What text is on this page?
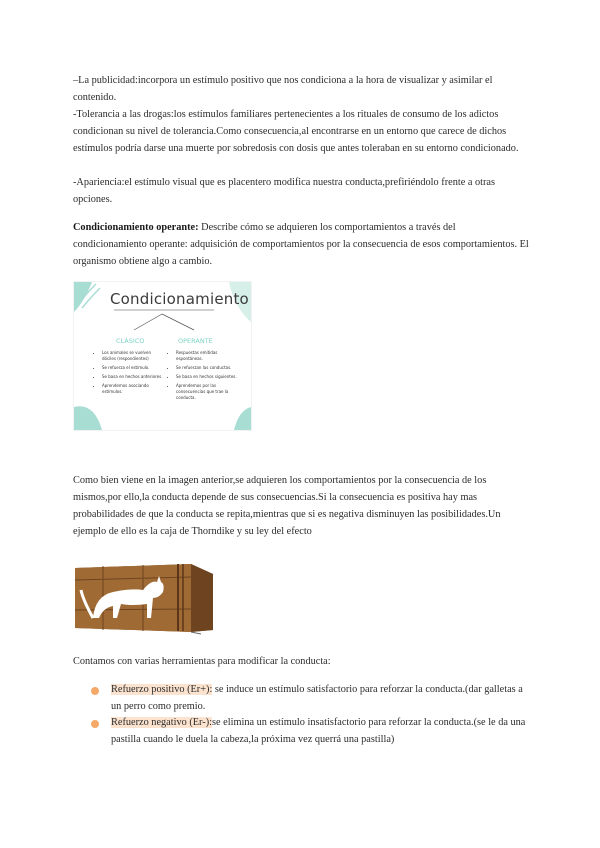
–La publicidad:incorpora un estímulo positivo que nos condiciona a la hora de visualizar y asimilar el contenido.

-Tolerancia a las drogas:los estímulos familiares pertenecientes a los rituales de consumo de los adictos condicionan su nivel de tolerancia.Como consecuencia,al encontrarse en un entorno que carece de dichos estímulos podría darse una muerte por sobredosis con dosis que antes toleraban en su entorno condicionado.

-Apariencia:el estímulo visual que es placentero modifica nuestra conducta,prefiriéndolo frente a otras opciones.

Condicionamiento operante: Describe cómo se adquieren los comportamientos a través del condicionamiento operante: adquisición de comportamientos por la consecuencia de esos comportamientos. El organismo obtiene algo a cambio.

Condicionamiento
CLÁSICO	OPERANTE
• Los animales se vuelven dóciles (respondientes)
• Se refuerza el estímulo.
• Se basa en hechos anteriores.
• Aprendemos asociando estímulos.
• Respuestas emitidas espontáneas.
• Se refuerzan las conductas.
• Se basa en hechos siguientes.
• Aprendemos por las consecuencias que trae la conducta.

Como bien viene en la imagen anterior,se adquieren los comportamientos por la consecuencia de los mismos,por ello,la conducta depende de sus consecuencias.Si la consecuencia es positiva hay mas probabilidades de que la conducta se repita,mientras que si es negativa disminuyen las posibilidades.Un ejemplo de ello es la caja de Thorndike y su ley del efecto

Contamos con varias herramientas para modificar la conducta:

Refuerzo positivo (Er+): se induce un estímulo satisfactorio para reforzar la conducta.(dar galletas a un perro como premio.

Refuerzo negativo (Er-):se elimina un estímulo insatisfactorio para reforzar la conducta.(se le da una pastilla cuando le duela la cabeza,la próxima vez querrá una pastilla)
